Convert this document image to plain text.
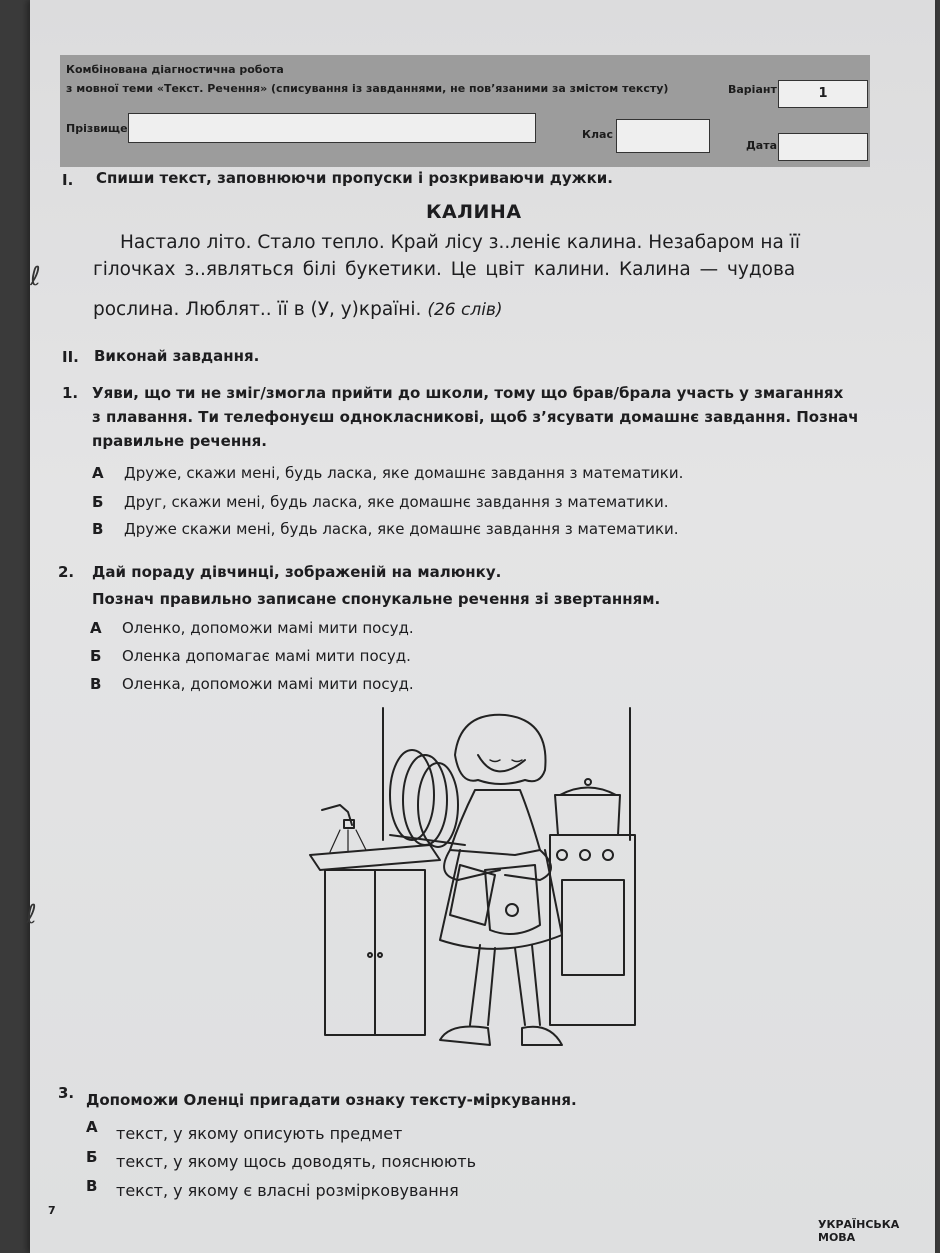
Комбінована діагностична робота
з мовної теми «Текст. Речення» (списування із завданнями, не пов’язаними за змістом тексту)	Варіант	1
Прізвище	Клас
Дата
I. Спиши текст, заповнюючи пропуски і розкриваючи дужки.
КАЛИНА
Настало літо. Стало тепло. Край лісу з..леніє калина. Незабаром на її
гілочках з..являться білі букетики. Це цвіт калини. Калина — чудова
рослина. Люблят.. її в (У, у)країні. (26 слів)
II. Виконай завдання.
1. Уяви, що ти не зміг/змогла прийти до школи, тому що брав/брала участь у змаганнях
з плавання. Ти телефонуєш однокласникові, щоб з’ясувати домашнє завдання. Познач
правильне речення.
А Друже, скажи мені, будь ласка, яке домашнє завдання з математики.
Б Друг, скажи мені, будь ласка, яке домашнє завдання з математики.
В Друже скажи мені, будь ласка, яке домашнє завдання з математики.
2. Дай пораду дівчинці, зображеній на малюнку.
Познач правильно записане спонукальне речення зі звертанням.
А Оленко, допоможи мамі мити посуд.
Б Оленка допомагає мамі мити посуд.
В Оленка, допоможи мамі мити посуд.
3. Допоможи Оленці пригадати ознаку тексту-міркування.
А текст, у якому описують предмет
Б текст, у якому щось доводять, пояснюють
В текст, у якому є власні розмірковування
7
УКРАЇНСЬКА МОВА
ℓ
ℓ
